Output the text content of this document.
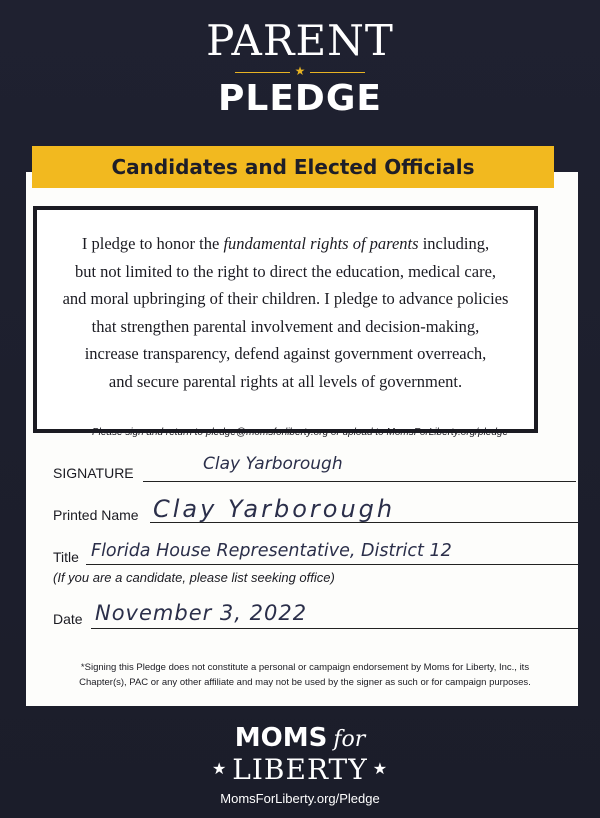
PARENT
★
PLEDGE
Candidates and Elected Officials
I pledge to honor the fundamental rights of parents including,
but not limited to the right to direct the education, medical care,
and moral upbringing of their children. I pledge to advance policies
that strengthen parental involvement and decision-making,
increase transparency, defend against government overreach,
and secure parental rights at all levels of government.
Please sign and return to pledge@momsforliberty.org or upload to MomsForLiberty.org/pledge
SIGNATURE	Clay Yarborough
Printed Name Clay Yarborough
Title Florida House Representative, District 12
(If you are a candidate, please list seeking office)
Date November 3, 2022
*Signing this Pledge does not constitute a personal or campaign endorsement by Moms for Liberty, Inc., its
Chapter(s), PAC or any other affiliate and may not be used by the signer as such or for campaign purposes.
MOMS for
★ LIBERTY ★
MomsForLiberty.org/Pledge
